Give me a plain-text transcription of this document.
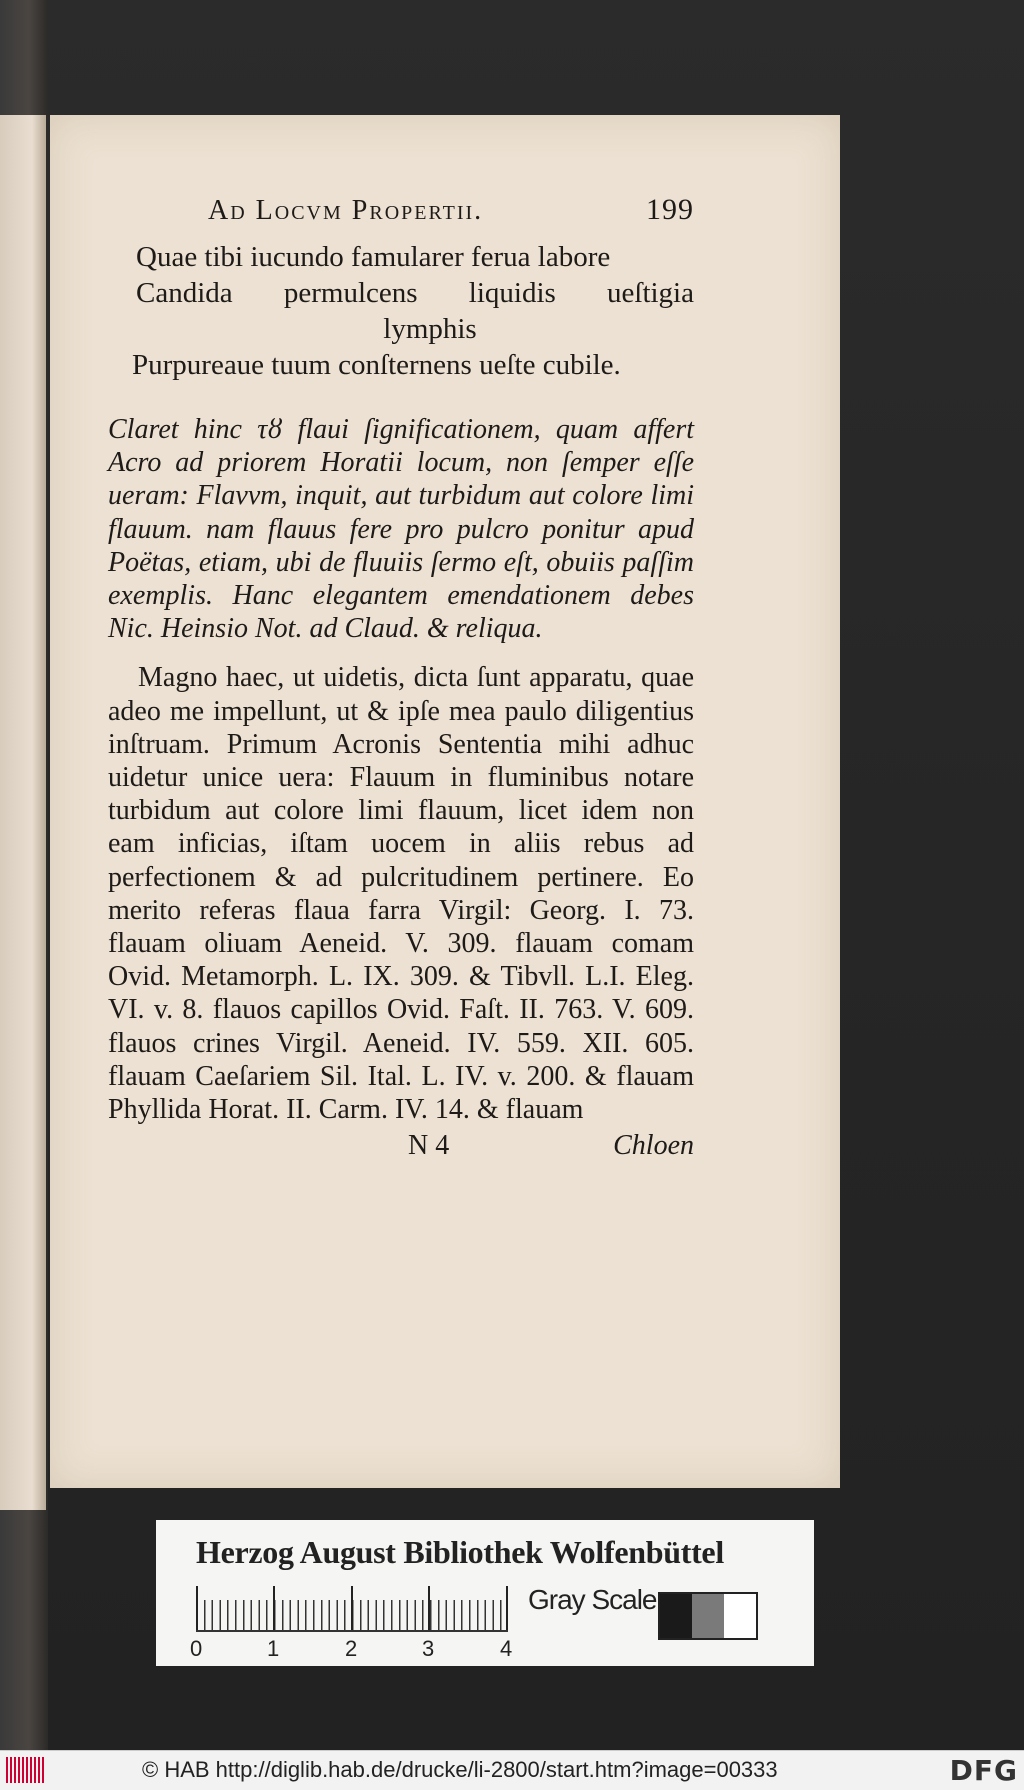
Ad Locvm Propertii.	199
Quae tibi iucundo famularer ferua labore
Candida permulcens liquidis ueſtigia
lymphis
Purpureaue tuum conſternens ueſte cubile.

Claret hinc τȣ flaui ſignificationem, quam affert Acro ad priorem Horatii locum, non ſemper eſſe ueram: Flavvm, inquit, aut turbidum aut colore limi flauum. nam flauus fere pro pulcro ponitur apud Poëtas, etiam, ubi de fluuiis ſermo eſt, obuiis paſſim exemplis. Hanc elegantem emendationem debes Nic. Heinsio Not. ad Claud. & reliqua.

Magno haec, ut uidetis, dicta ſunt apparatu, quae adeo me impellunt, ut & ipſe mea paulo diligentius inſtruam. Primum Acronis Sententia mihi adhuc uidetur unice uera: Flauum in fluminibus notare turbidum aut colore limi flauum, licet idem non eam inficias, iſtam uocem in aliis rebus ad perfectionem & ad pulcritudinem pertinere. Eo merito referas flaua farra Virgil: Georg. I. 73. flauam oliuam Aeneid. V. 309. flauam comam Ovid. Metamorph. L. IX. 309. & Tibvll. L.I. Eleg. VI. v. 8. flauos capillos Ovid. Faſt. II. 763. V. 609. flauos crines Virgil. Aeneid. IV. 559. XII. 605. flauam Caeſariem Sil. Ital. L. IV. v. 200. & flauam Phyllida Horat. II. Carm. IV. 14. & flauam

N 4	Chloen
Herzog August Bibliothek Wolfenbüttel
0	1	2	3	4
Gray Scale
© HAB http://diglib.hab.de/drucke/li-2800/start.htm?image=00333	DFG
